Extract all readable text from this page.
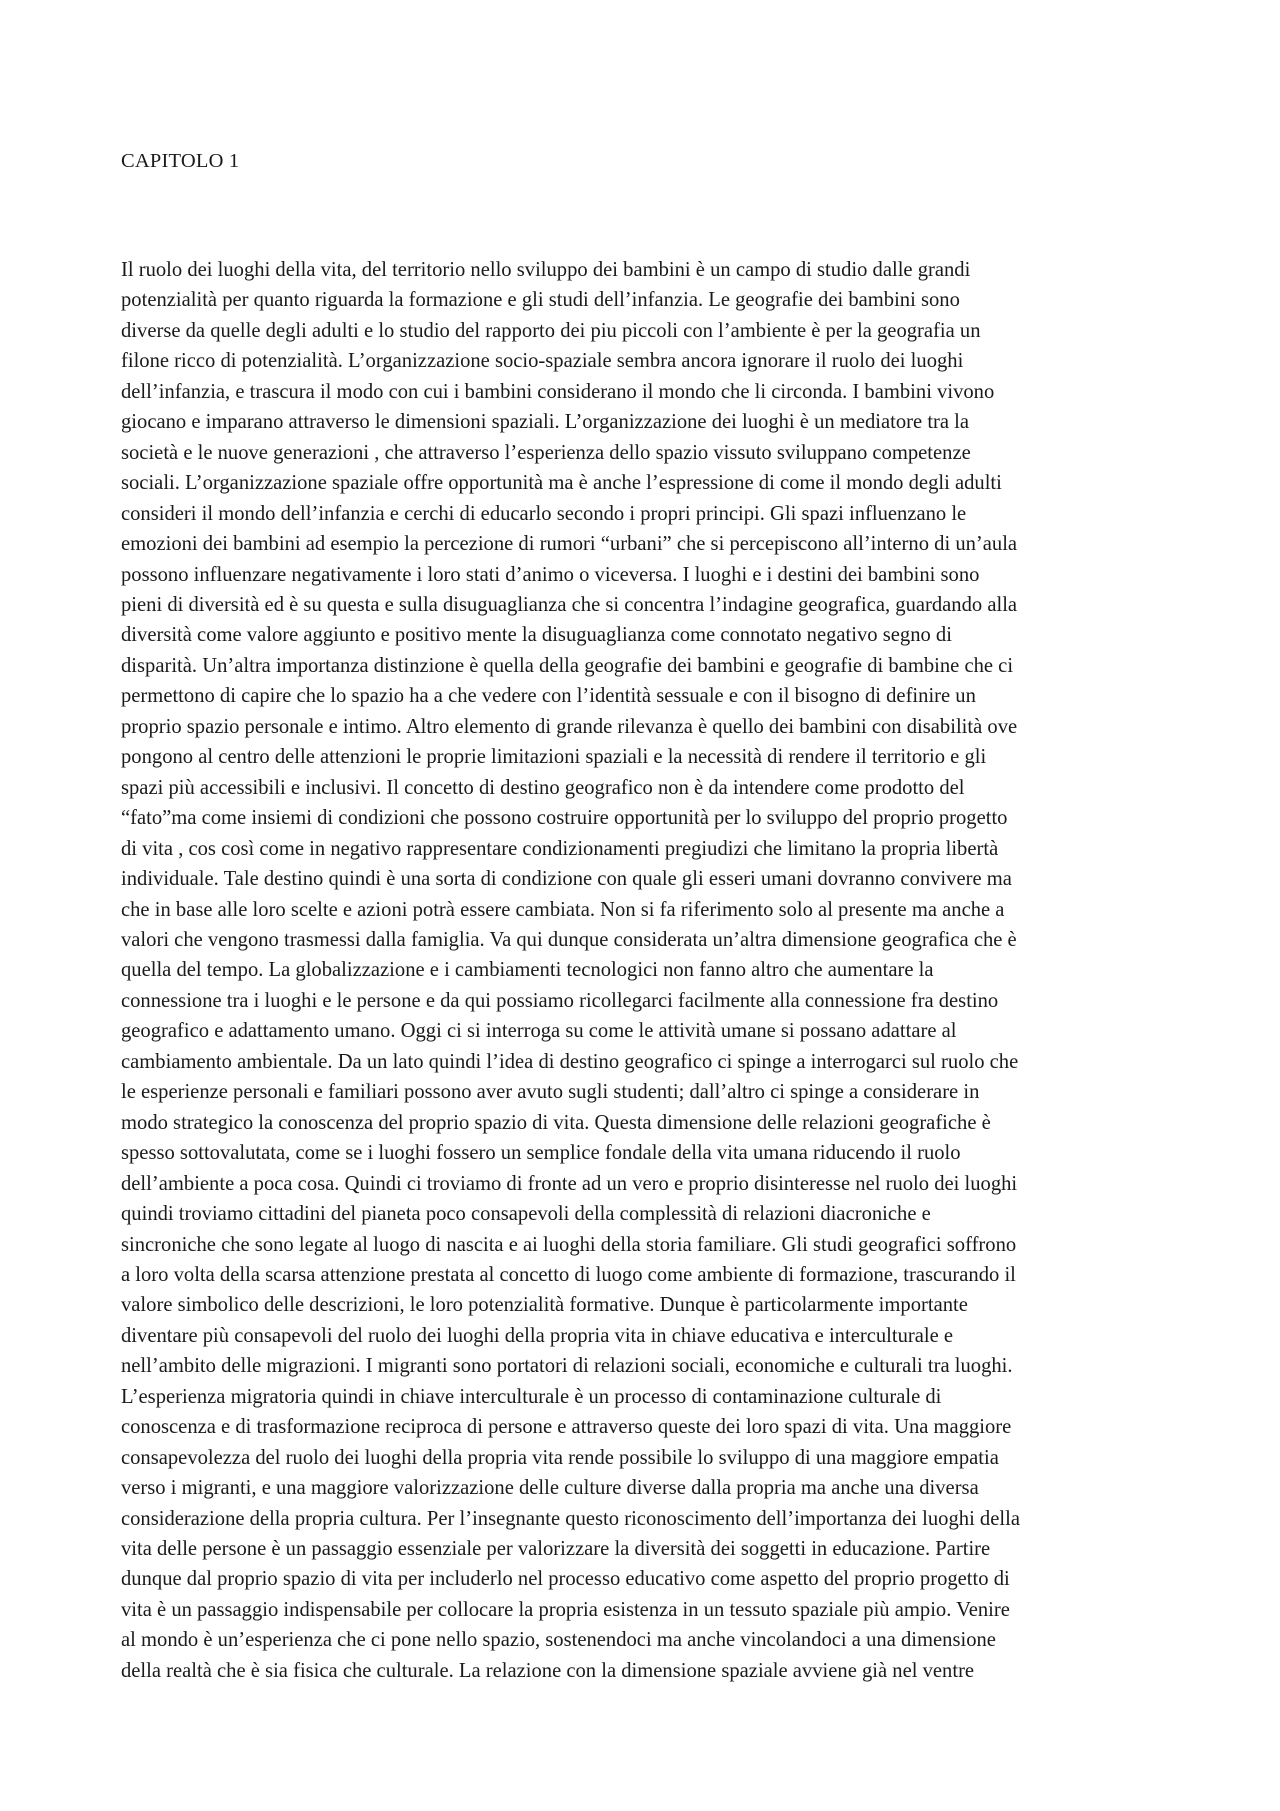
CAPITOLO 1
Il ruolo dei luoghi della vita, del territorio nello sviluppo dei bambini è un campo di studio dalle grandi
potenzialità per quanto riguarda la formazione e gli studi dell’infanzia. Le geografie dei bambini sono
diverse da quelle degli adulti e lo studio del rapporto dei piu piccoli con l’ambiente è per la geografia un
filone ricco di potenzialità. L’organizzazione socio-spaziale sembra ancora ignorare il ruolo dei luoghi
dell’infanzia, e trascura il modo con cui i bambini considerano il mondo che li circonda. I bambini vivono
giocano e imparano attraverso le dimensioni spaziali. L’organizzazione dei luoghi è un mediatore tra la
società e le nuove generazioni , che attraverso l’esperienza dello spazio vissuto sviluppano competenze
sociali. L’organizzazione spaziale offre opportunità ma è anche l’espressione di come il mondo degli adulti
consideri il mondo dell’infanzia e cerchi di educarlo secondo i propri principi. Gli spazi influenzano le
emozioni dei bambini ad esempio la percezione di rumori “urbani” che si percepiscono all’interno di un’aula
possono influenzare negativamente i loro stati d’animo o viceversa. I luoghi e i destini dei bambini sono
pieni di diversità ed è su questa e sulla disuguaglianza che si concentra l’indagine geografica, guardando alla
diversità come valore aggiunto e positivo mente la disuguaglianza come connotato negativo segno di
disparità. Un’altra importanza distinzione è quella della geografie dei bambini e geografie di bambine che ci
permettono di capire che lo spazio ha a che vedere con l’identità sessuale e con il bisogno di definire un
proprio spazio personale e intimo. Altro elemento di grande rilevanza è quello dei bambini con disabilità ove
pongono al centro delle attenzioni le proprie limitazioni spaziali e la necessità di rendere il territorio e gli
spazi più accessibili e inclusivi. Il concetto di destino geografico non è da intendere come prodotto del
“fato”ma come insiemi di condizioni che possono costruire opportunità per lo sviluppo del proprio progetto
di vita , cos così come in negativo rappresentare condizionamenti pregiudizi che limitano la propria libertà
individuale. Tale destino quindi è una sorta di condizione con quale gli esseri umani dovranno convivere ma
che in base alle loro scelte e azioni potrà essere cambiata. Non si fa riferimento solo al presente ma anche a
valori che vengono trasmessi dalla famiglia. Va qui dunque considerata un’altra dimensione geografica che è
quella del tempo. La globalizzazione e i cambiamenti tecnologici non fanno altro che aumentare la
connessione tra i luoghi e le persone e da qui possiamo ricollegarci facilmente alla connessione fra destino
geografico e adattamento umano. Oggi ci si interroga su come le attività umane si possano adattare al
cambiamento ambientale. Da un lato quindi l’idea di destino geografico ci spinge a interrogarci sul ruolo che
le esperienze personali e familiari possono aver avuto sugli studenti; dall’altro ci spinge a considerare in
modo strategico la conoscenza del proprio spazio di vita. Questa dimensione delle relazioni geografiche è
spesso sottovalutata, come se i luoghi fossero un semplice fondale della vita umana riducendo il ruolo
dell’ambiente a poca cosa. Quindi ci troviamo di fronte ad un vero e proprio disinteresse nel ruolo dei luoghi
quindi troviamo cittadini del pianeta poco consapevoli della complessità di relazioni diacroniche e
sincroniche che sono legate al luogo di nascita e ai luoghi della storia familiare. Gli studi geografici soffrono
a loro volta della scarsa attenzione prestata al concetto di luogo come ambiente di formazione, trascurando il
valore simbolico delle descrizioni, le loro potenzialità formative. Dunque è particolarmente importante
diventare più consapevoli del ruolo dei luoghi della propria vita in chiave educativa e interculturale e
nell’ambito delle migrazioni. I migranti sono portatori di relazioni sociali, economiche e culturali tra luoghi.
L’esperienza migratoria quindi in chiave interculturale è un processo di contaminazione culturale di
conoscenza e di trasformazione reciproca di persone e attraverso queste dei loro spazi di vita. Una maggiore
consapevolezza del ruolo dei luoghi della propria vita rende possibile lo sviluppo di una maggiore empatia
verso i migranti, e una maggiore valorizzazione delle culture diverse dalla propria ma anche una diversa
considerazione della propria cultura. Per l’insegnante questo riconoscimento dell’importanza dei luoghi della
vita delle persone è un passaggio essenziale per valorizzare la diversità dei soggetti in educazione. Partire
dunque dal proprio spazio di vita per includerlo nel processo educativo come aspetto del proprio progetto di
vita è un passaggio indispensabile per collocare la propria esistenza in un tessuto spaziale più ampio. Venire
al mondo è un’esperienza che ci pone nello spazio, sostenendoci ma anche vincolandoci a una dimensione
della realtà che è sia fisica che culturale. La relazione con la dimensione spaziale avviene già nel ventre
